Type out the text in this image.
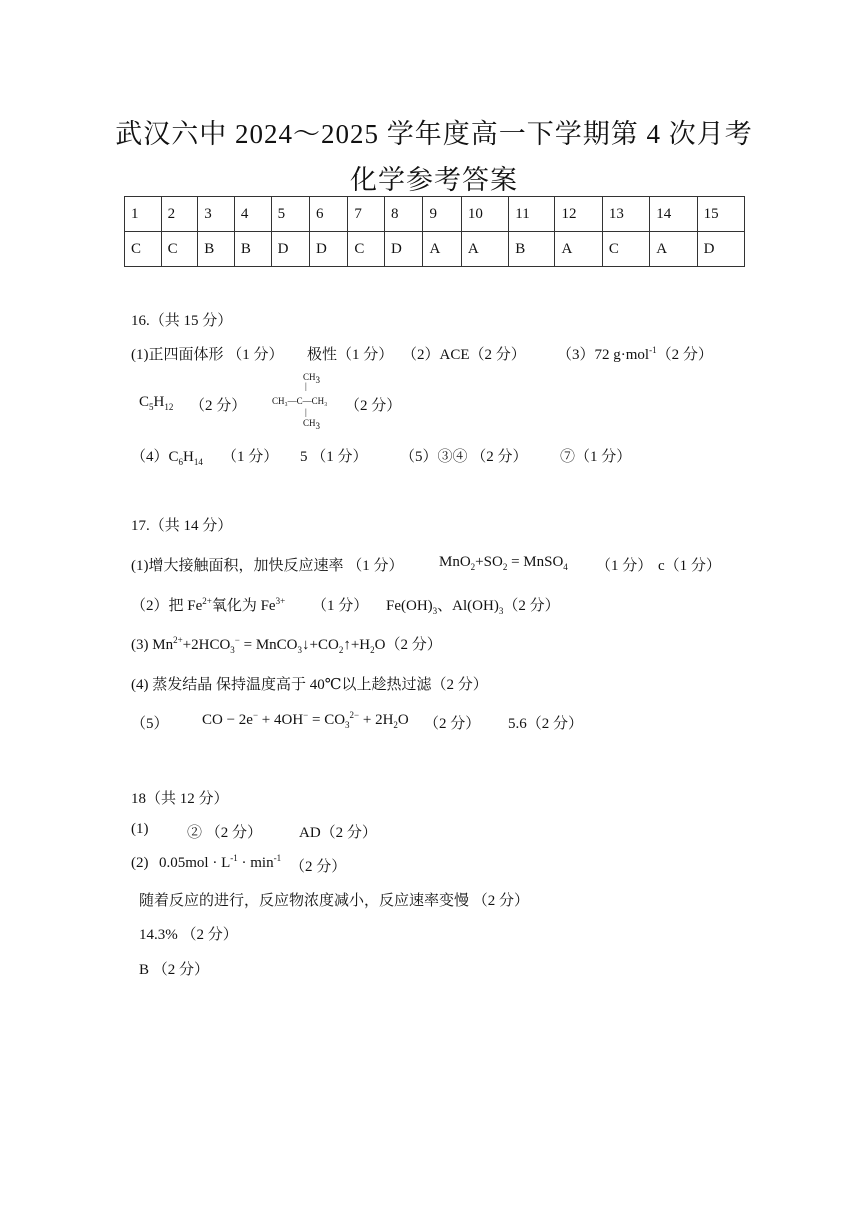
武汉六中 2024～2025 学年度高一下学期第 4 次月考
化学参考答案
1	2	3	4	5	6	7	8	9	10	11	12	13	14	15
C	C	B	B	D	D	C	D	A	A	B	A	C	A	D
16.（共 15 分）
(1)正四面体形 （1 分） 极性（1 分） （2）ACE（2 分） （3）72 g·mol$^{-1}$（2 分）
$C_5H_{12}$ （2 分）
$CH_3$
|
CH₃—C—CH₃
|
$CH_3$
（2 分）
$(4)C_6H_{14}$ （1 分） 5 （1 分） （5）③④ （2 分） ⑦（1 分）
17.（共 14 分）
(1)增大接触面积，加快反应速率 （1 分） $MnO_2+SO_2$ = MnSO$_4$ （1 分） c（1 分）
（2）把 $Fe^{2+}$氧化为 $Fe^{3+}$ （1 分） $Fe(OH)_3$、$Al(OH)_3(2$ 分）
(3) $Mn^{2+}+2HCO_3^-$ = $MnCO_3↓+CO_2↑+H_2O(2$ 分）
(4) 蒸发结晶 保持温度高于 40℃以上趁热过滤（2 分）
（5） CO − $2e^- + 4OH^- = CO_3^{2-} + 2H_2O$ （2 分） 5.6（2 分）
18（共 12 分）
(1)	② （2 分） AD（2 分）
(2) $0.05mol \cdot L^{-1} \cdot \min^{-1}$
（2 分）
随着反应的进行，反应物浓度减小，反应速率变慢 （2 分）
14.3% （2 分）
B （2 分）
